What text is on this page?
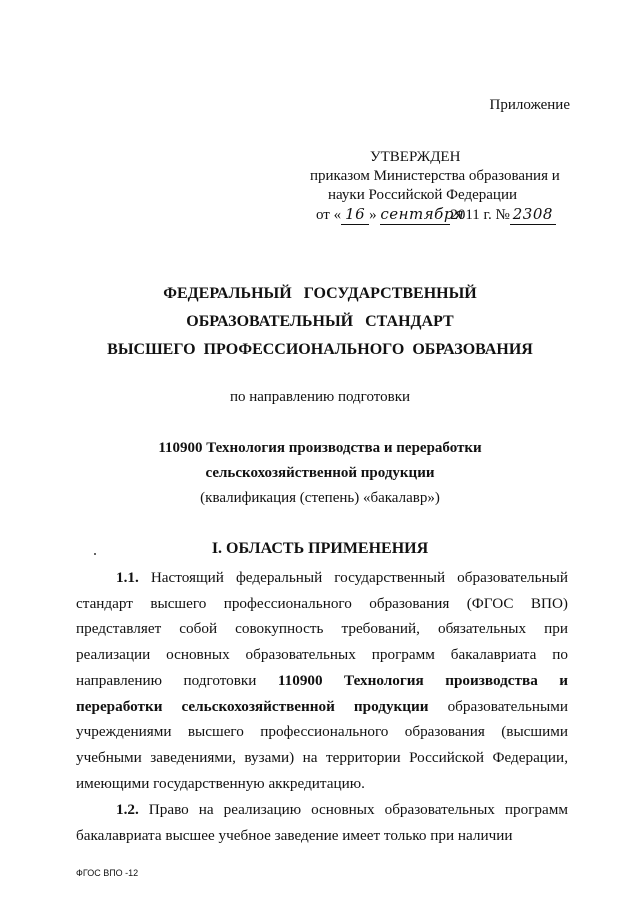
Приложение
УТВЕРЖДЕН
приказом Министерства образования и
науки Российской Федерации
от « 16 » сентября2011 г. № 2308
ФЕДЕРАЛЬНЫЙ   ГОСУДАРСТВЕННЫЙ
ОБРАЗОВАТЕЛЬНЫЙ   СТАНДАРТ
ВЫСШЕГО  ПРОФЕССИОНАЛЬНОГО  ОБРАЗОВАНИЯ
по направлению подготовки
110900 Технология производства и переработки
сельскохозяйственной продукции
(квалификация (степень) «бакалавр»)
I. ОБЛАСТЬ ПРИМЕНЕНИЯ
1.1. Настоящий федеральный государственный образовательный стандарт высшего профессионального образования (ФГОС ВПО) представляет собой совокупность требований, обязательных при реализации основных образовательных программ бакалавриата по направлению подготовки 110900 Технология производства и переработки сельскохозяйственной продукции образовательными учреждениями высшего профессионального образования (высшими учебными заведениями, вузами) на территории Российской Федерации, имеющими государственную аккредитацию.
1.2. Право на реализацию основных образовательных программ бакалавриата высшее учебное заведение имеет только при наличии
ФГОС ВПО -12
